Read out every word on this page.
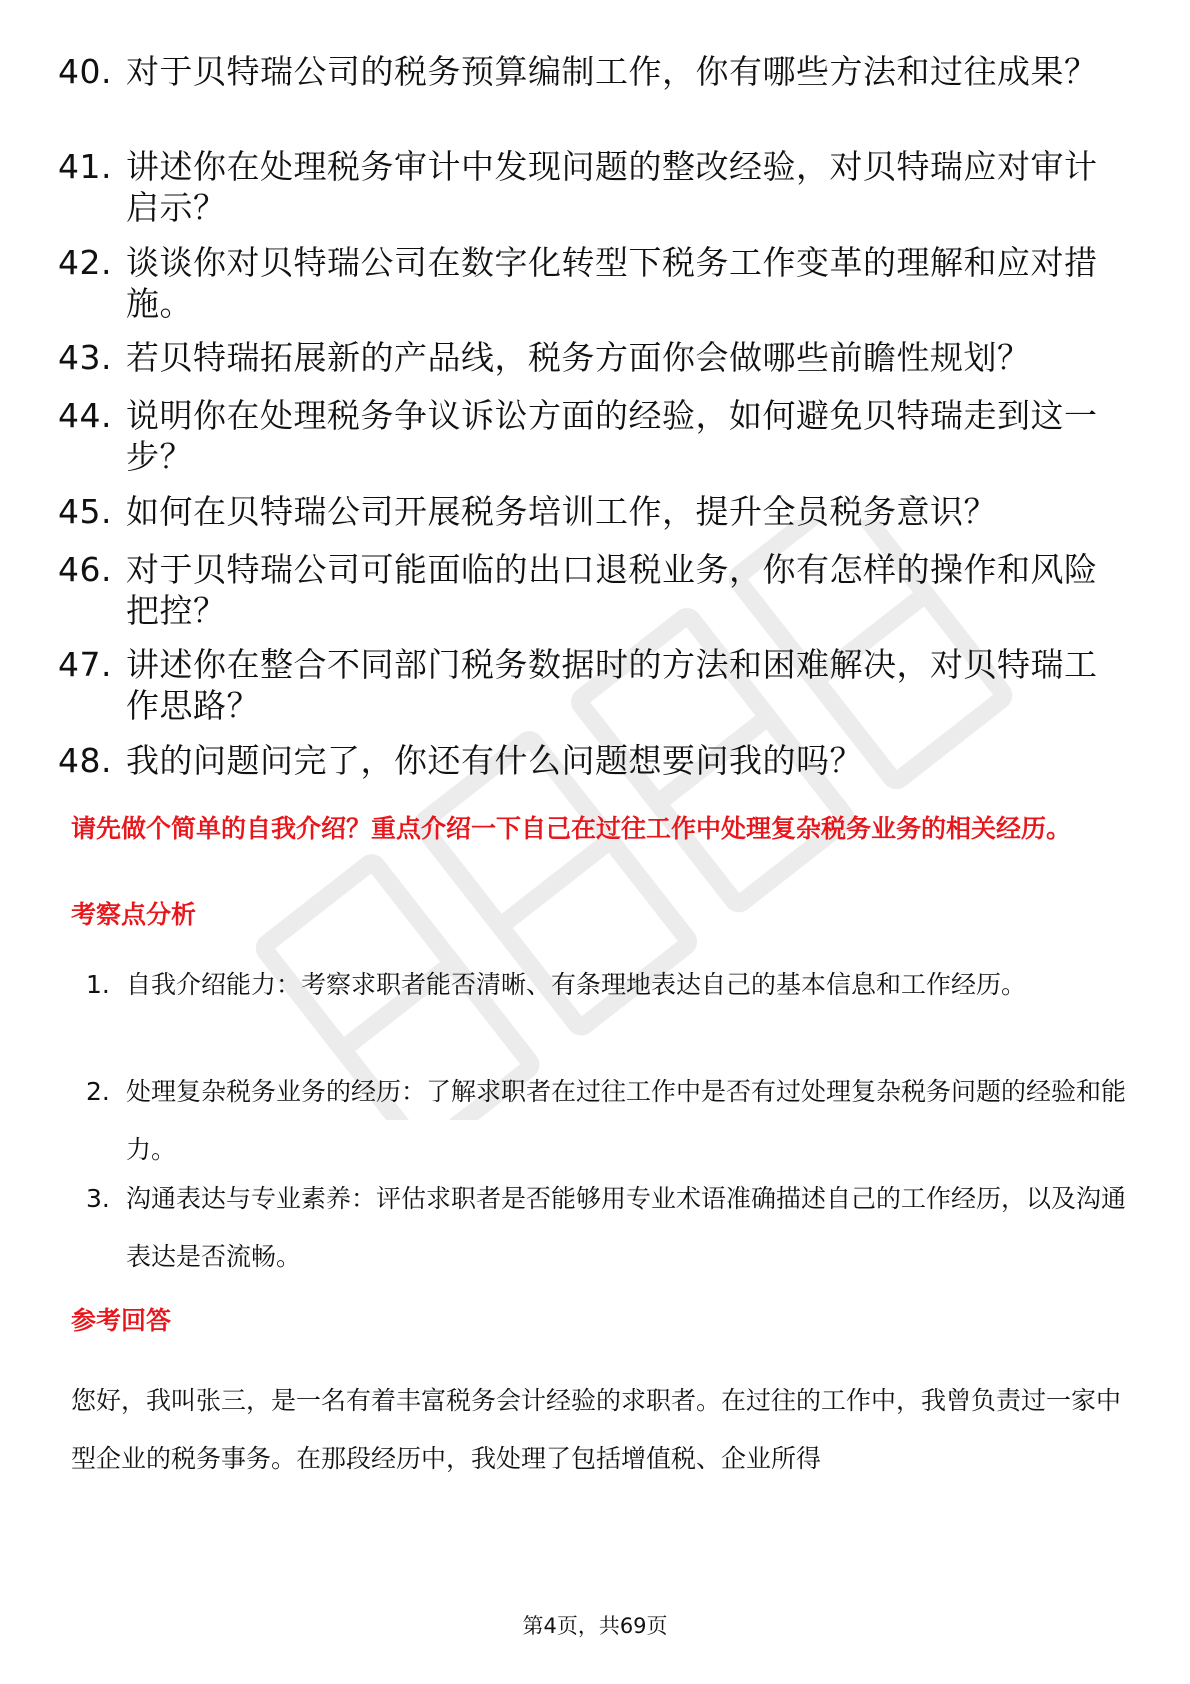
40. 对于贝特瑞公司的税务预算编制工作，你有哪些方法和过往成果？
41. 讲述你在处理税务审计中发现问题的整改经验，对贝特瑞应对审计启示？
42. 谈谈你对贝特瑞公司在数字化转型下税务工作变革的理解和应对措施。
43. 若贝特瑞拓展新的产品线，税务方面你会做哪些前瞻性规划？
44. 说明你在处理税务争议诉讼方面的经验，如何避免贝特瑞走到这一步？
45. 如何在贝特瑞公司开展税务培训工作，提升全员税务意识？
46. 对于贝特瑞公司可能面临的出口退税业务，你有怎样的操作和风险把控？
47. 讲述你在整合不同部门税务数据时的方法和困难解决，对贝特瑞工作思路？
48. 我的问题问完了，你还有什么问题想要问我的吗？
请先做个简单的自我介绍？重点介绍一下自己在过往工作中处理复杂税务业务的相关经历。
考察点分析
1. 自我介绍能力：考察求职者能否清晰、有条理地表达自己的基本信息和工作经历。
2. 处理复杂税务业务的经历：了解求职者在过往工作中是否有过处理复杂税务问题的经验和能力。
3. 沟通表达与专业素养：评估求职者是否能够用专业术语准确描述自己的工作经历，以及沟通表达是否流畅。
参考回答
您好，我叫张三，是一名有着丰富税务会计经验的求职者。在过往的工作中，我曾负责过一家中型企业的税务事务。在那段经历中，我处理了包括增值税、企业所得
第4页，共69页
